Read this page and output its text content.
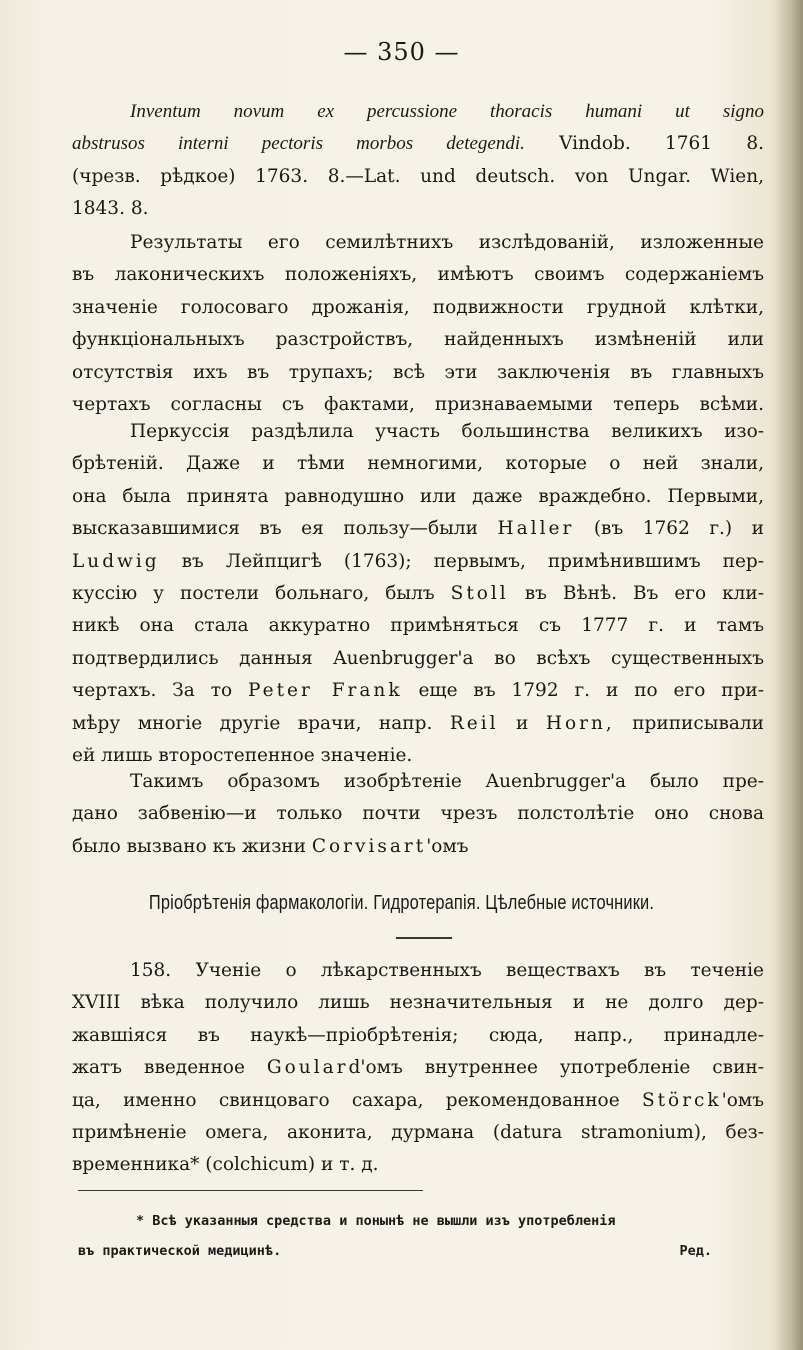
— 350 —
Inventum novum ex percussione thoracis humani ut signo
abstrusos interni pectoris morbos detegendi. Vindob. 1761 8.
(чрезв. рѣдкое) 1763. 8.—Lat. und deutsch. von Ungar. Wien,
1843. 8.
Результаты его семилѣтнихъ изслѣдованій, изложенные
въ лаконическихъ положеніяхъ, имѣютъ своимъ содержаніемъ
значеніе голосоваго дрожанія, подвижности грудной клѣтки,
функціональныхъ разстройствъ, найденныхъ измѣненій или
отсутствія ихъ въ трупахъ; всѣ эти заключенія въ главныхъ
чертахъ согласны съ фактами, признаваемыми теперь всѣми.
Перкуссія раздѣлила участь большинства великихъ изо-
брѣтеній. Даже и тѣми немногими, которые о ней знали,
она была принята равнодушно или даже враждебно. Первыми,
высказавшимися въ ея пользу—были Haller (въ 1762 г.) и
Ludwig въ Лейпцигѣ (1763); первымъ, примѣнившимъ пер-
куссію у постели больнаго, былъ Stoll въ Вѣнѣ. Въ его кли-
никѣ она стала аккуратно примѣняться съ 1777 г. и тамъ
подтвердились данныя Auenbrugger'а во всѣхъ существенныхъ
чертахъ. За то Peter Frank еще въ 1792 г. и по его при-
мѣру многіе другіе врачи, напр. Reil и Horn, приписывали
ей лишь второстепенное значеніе.
Такимъ образомъ изобрѣтеніе Auenbrugger'а было пре-
дано забвенію—и только почти чрезъ полстолѣтіе оно снова
было вызвано къ жизни Corvisart'омъ
Пріобрѣтенія фармакологіи. Гидротерапія. Цѣлебные источники.
158. Ученіе о лѣкарственныхъ веществахъ въ теченіе
XVIII вѣка получило лишь незначительныя и не долго дер-
жавшіяся въ наукѣ—пріобрѣтенія; сюда, напр., принадле-
жатъ введенное Goulard'омъ внутреннее употребленіе свин-
ца, именно свинцоваго сахара, рекомендованное Störck'омъ
примѣненіе омега, аконита, дурмана (datura stramonium), без-
временника* (colchicum) и т. д.
* Всѣ указанныя средства и понынѣ не вышли изъ употребленія
въ практической медицинѣ.	Ред.
